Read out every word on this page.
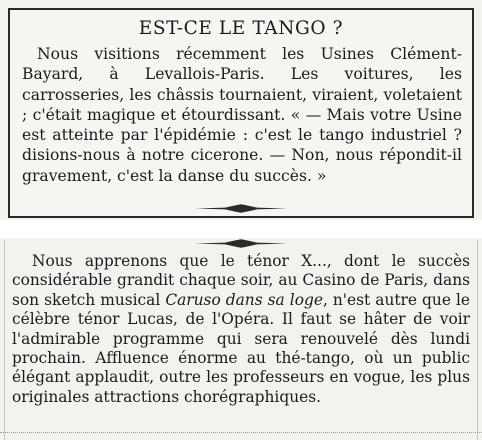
EST-CE LE TANGO ?

Nous visitions récemment les Usines Clément-Bayard, à Levallois-Paris. Les voitures, les carrosseries, les châssis tournaient, viraient, voletaient ; c'était magique et étourdissant. « — Mais votre Usine est atteinte par l'épidémie : c'est le tango industriel ? disions-nous à notre cicerone. — Non, nous répondit-il gravement, c'est la danse du succès. »

Nous apprenons que le ténor X..., dont le succès considérable grandit chaque soir, au Casino de Paris, dans son sketch musical Caruso dans sa loge, n'est autre que le célèbre ténor Lucas, de l'Opéra. Il faut se hâter de voir l'admirable programme qui sera renouvelé dès lundi prochain. Affluence énorme au thé-tango, où un public élégant applaudit, outre les professeurs en vogue, les plus originales attractions chorégraphiques.
